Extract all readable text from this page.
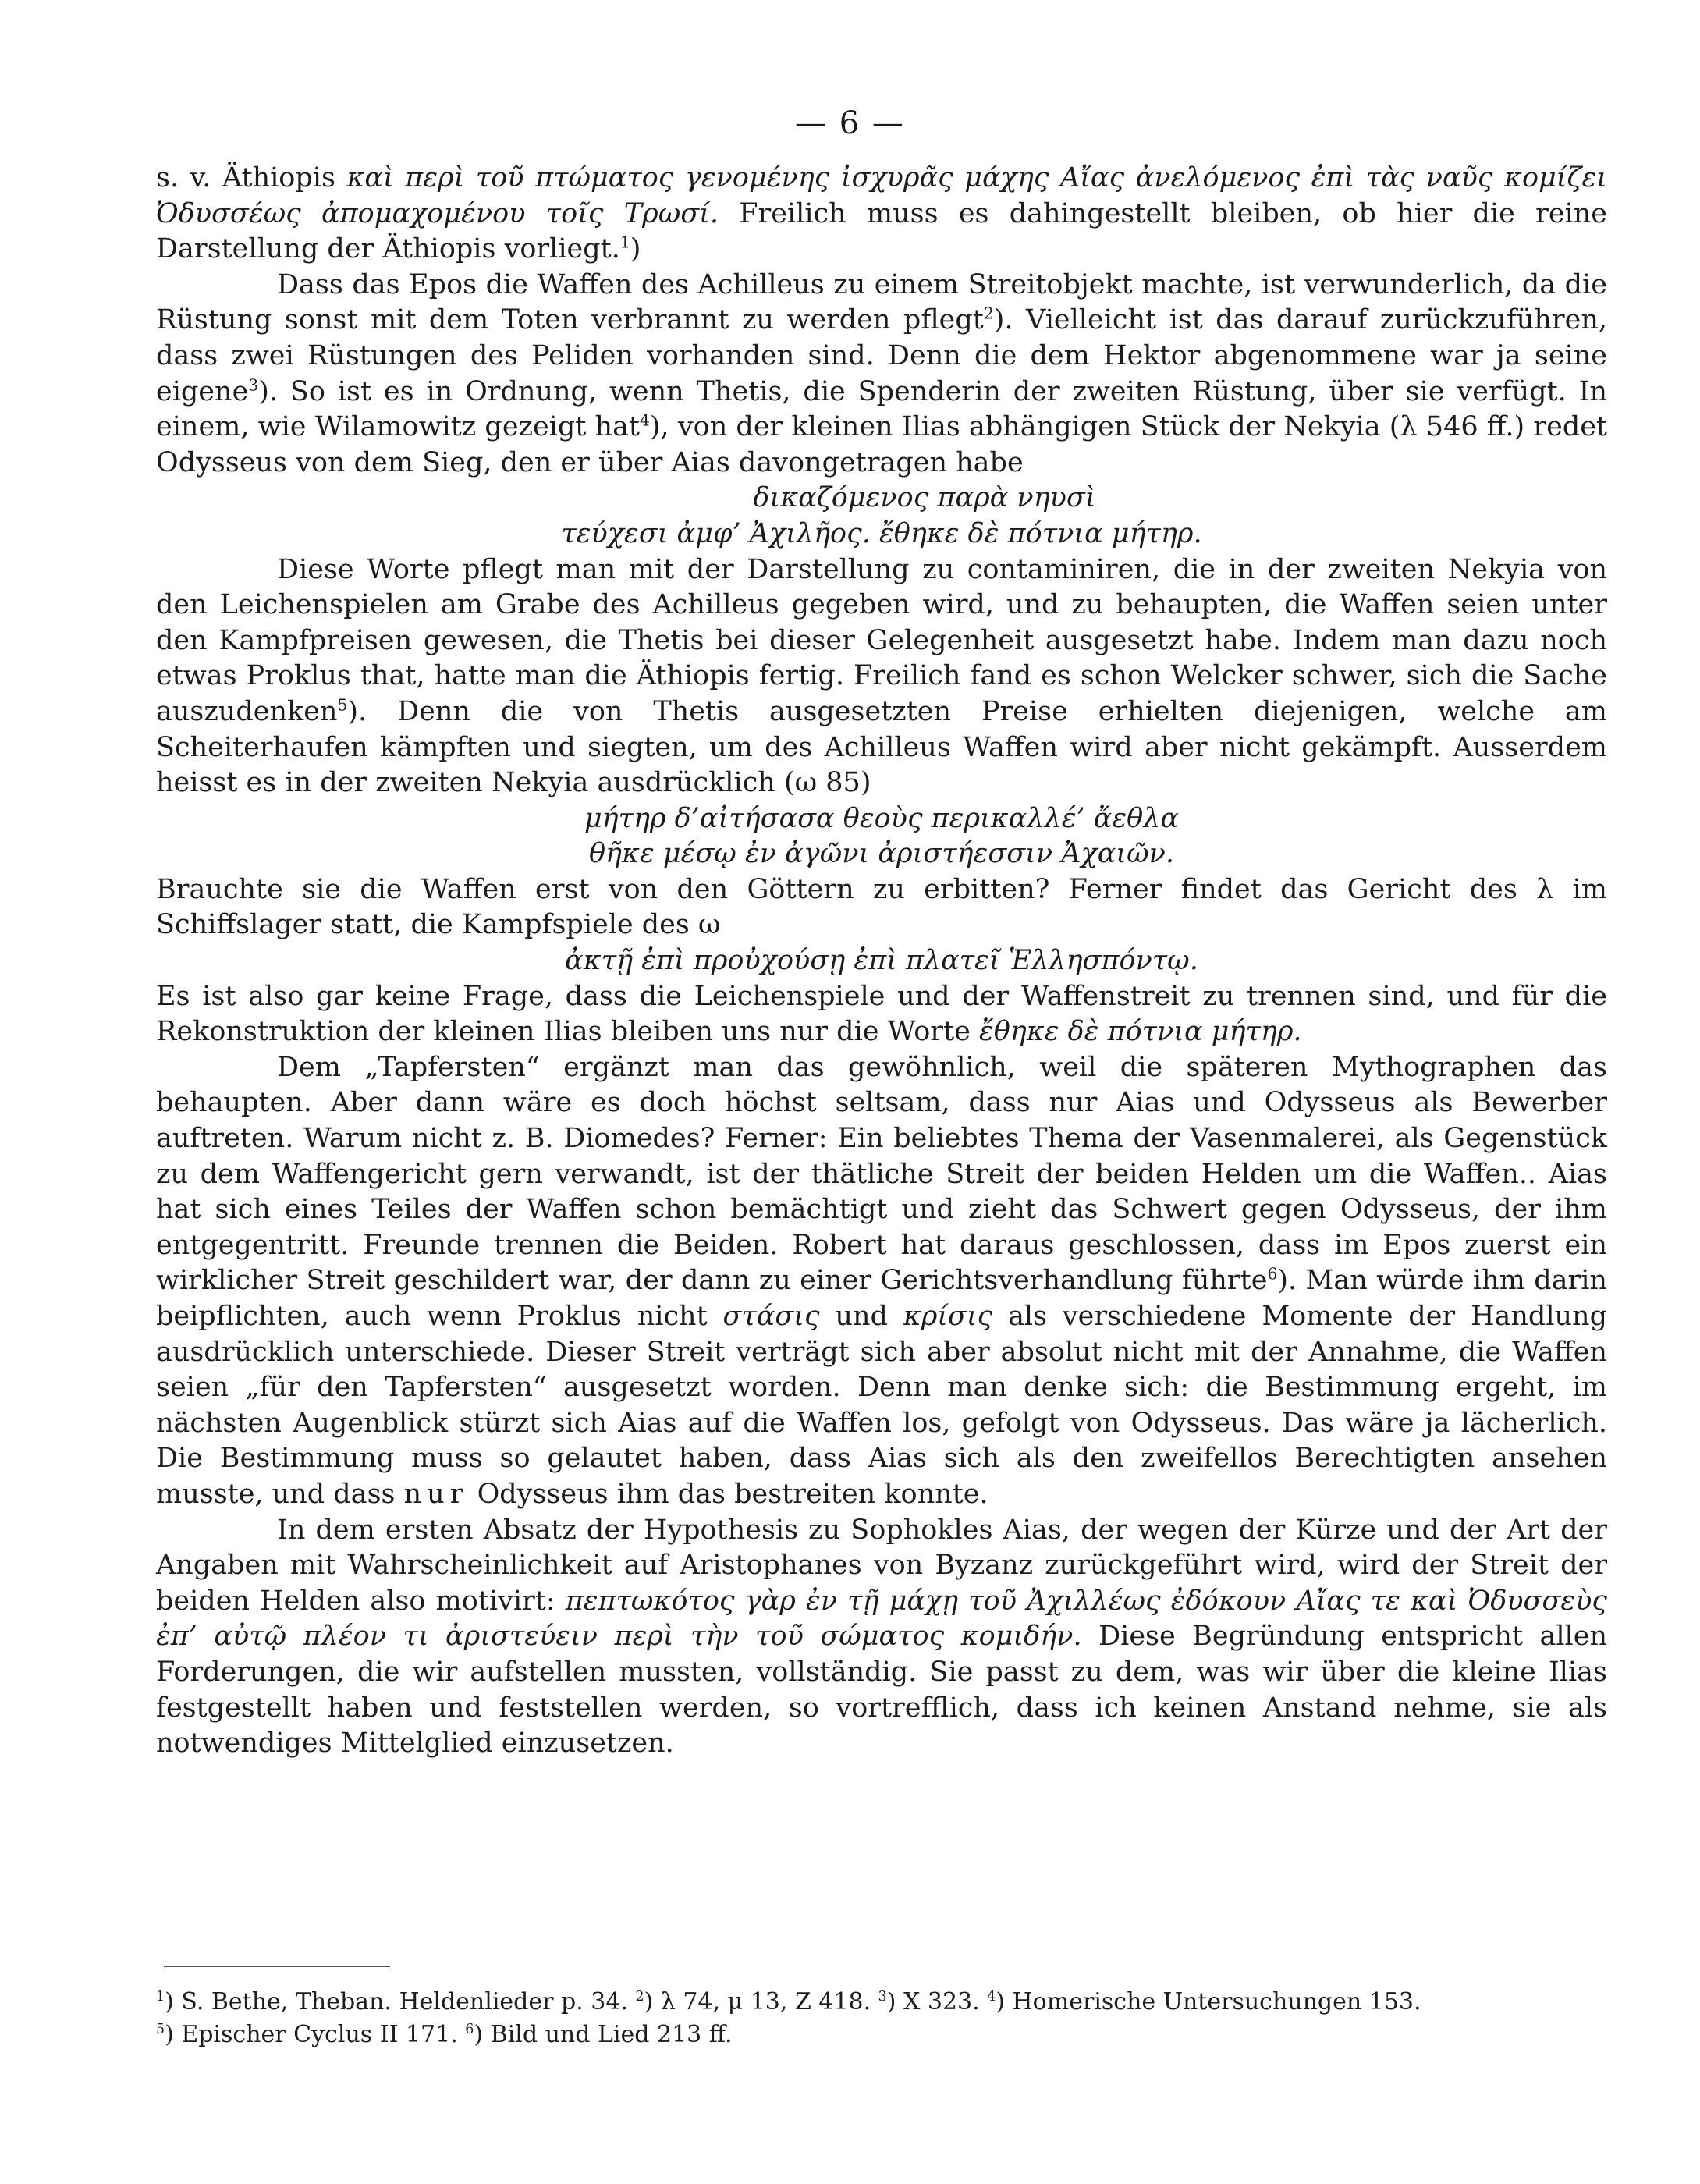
— 6 —

s. v. Äthiopis καὶ περὶ τοῦ πτώματος γενομένης ἰσχυρᾶς μάχης Αἴας ἀνελόμενος ἐπὶ τὰς ναῦς κομίζει Ὀδυσσέως ἀπομαχομένου τοῖς Τρωσί. Freilich muss es dahingestellt bleiben, ob hier die reine Darstellung der Äthiopis vorliegt.$^1$)

Dass das Epos die Waffen des Achilleus zu einem Streitobjekt machte, ist verwunderlich, da die Rüstung sonst mit dem Toten verbrannt zu werden pflegt$^2$). Vielleicht ist das darauf zurückzuführen, dass zwei Rüstungen des Peliden vorhanden sind. Denn die dem Hektor abgenommene war ja seine eigene$^3$). So ist es in Ordnung, wenn Thetis, die Spenderin der zweiten Rüstung, über sie verfügt. In einem, wie Wilamowitz gezeigt hat$^4$), von der kleinen Ilias abhängigen Stück der Nekyia (λ 546 ff.) redet Odysseus von dem Sieg, den er über Aias davongetragen habe

δικαζόμενος παρὰ νηυσὶ

τεύχεσι ἀμφ’ Ἀχιλῆος. ἔθηκε δὲ πότνια μήτηρ.

Diese Worte pflegt man mit der Darstellung zu contaminiren, die in der zweiten Nekyia von den Leichenspielen am Grabe des Achilleus gegeben wird, und zu behaupten, die Waffen seien unter den Kampfpreisen gewesen, die Thetis bei dieser Gelegenheit ausgesetzt habe. Indem man dazu noch etwas Proklus that, hatte man die Äthiopis fertig. Freilich fand es schon Welcker schwer, sich die Sache auszudenken$^5$). Denn die von Thetis ausgesetzten Preise erhielten diejenigen, welche am Scheiterhaufen kämpften und siegten, um des Achilleus Waffen wird aber nicht gekämpft. Ausserdem heisst es in der zweiten Nekyia ausdrücklich (ω 85)

μήτηρ δ’αἰτήσασα θεοὺς περικαλλέ’ ἄεθλα

θῆκε μέσῳ ἐν ἀγῶνι ἀριστήεσσιν Ἀχαιῶν.

Brauchte sie die Waffen erst von den Göttern zu erbitten? Ferner findet das Gericht des λ im Schiffslager statt, die Kampfspiele des ω

ἀκτῇ ἐπὶ προὐχούσῃ ἐπὶ πλατεῖ Ἑλλησπόντῳ.

Es ist also gar keine Frage, dass die Leichenspiele und der Waffenstreit zu trennen sind, und für die Rekonstruktion der kleinen Ilias bleiben uns nur die Worte ἔθηκε δὲ πότνια μήτηρ.

Dem „Tapfersten“ ergänzt man das gewöhnlich, weil die späteren Mythographen das behaupten. Aber dann wäre es doch höchst seltsam, dass nur Aias und Odysseus als Bewerber auftreten. Warum nicht z. B. Diomedes? Ferner: Ein beliebtes Thema der Vasenmalerei, als Gegenstück zu dem Waffengericht gern verwandt, ist der thätliche Streit der beiden Helden um die Waffen.. Aias hat sich eines Teiles der Waffen schon bemächtigt und zieht das Schwert gegen Odysseus, der ihm entgegentritt. Freunde trennen die Beiden. Robert hat daraus geschlossen, dass im Epos zuerst ein wirklicher Streit geschildert war, der dann zu einer Gerichtsverhandlung führte$^6$). Man würde ihm darin beipflichten, auch wenn Proklus nicht στάσις und κρίσις als verschiedene Momente der Handlung ausdrücklich unterschiede. Dieser Streit verträgt sich aber absolut nicht mit der Annahme, die Waffen seien „für den Tapfersten“ ausgesetzt worden. Denn man denke sich: die Bestimmung ergeht, im nächsten Augenblick stürzt sich Aias auf die Waffen los, gefolgt von Odysseus. Das wäre ja lächerlich. Die Bestimmung muss so gelautet haben, dass Aias sich als den zweifellos Berechtigten ansehen musste, und dass nur Odysseus ihm das bestreiten konnte.

In dem ersten Absatz der Hypothesis zu Sophokles Aias, der wegen der Kürze und der Art der Angaben mit Wahrscheinlichkeit auf Aristophanes von Byzanz zurückgeführt wird, wird der Streit der beiden Helden also motivirt: πεπτωκότος γὰρ ἐν τῇ μάχῃ τοῦ Ἀχιλλέως ἐδόκουν Αἴας τε καὶ Ὀδυσσεὺς ἐπ’ αὐτῷ πλέον τι ἀριστεύειν περὶ τὴν τοῦ σώματος κομιδήν. Diese Begründung entspricht allen Forderungen, die wir aufstellen mussten, vollständig. Sie passt zu dem, was wir über die kleine Ilias festgestellt haben und feststellen werden, so vortrefflich, dass ich keinen Anstand nehme, sie als notwendiges Mittelglied einzusetzen.

$^1$) S. Bethe, Theban. Heldenlieder p. 34. $^2$) λ 74, μ 13, Ζ 418. $^3$) Χ 323. $^4$) Homerische Untersuchungen 153.

$^5$) Epischer Cyclus II 171. $^6$) Bild und Lied 213 ff.
